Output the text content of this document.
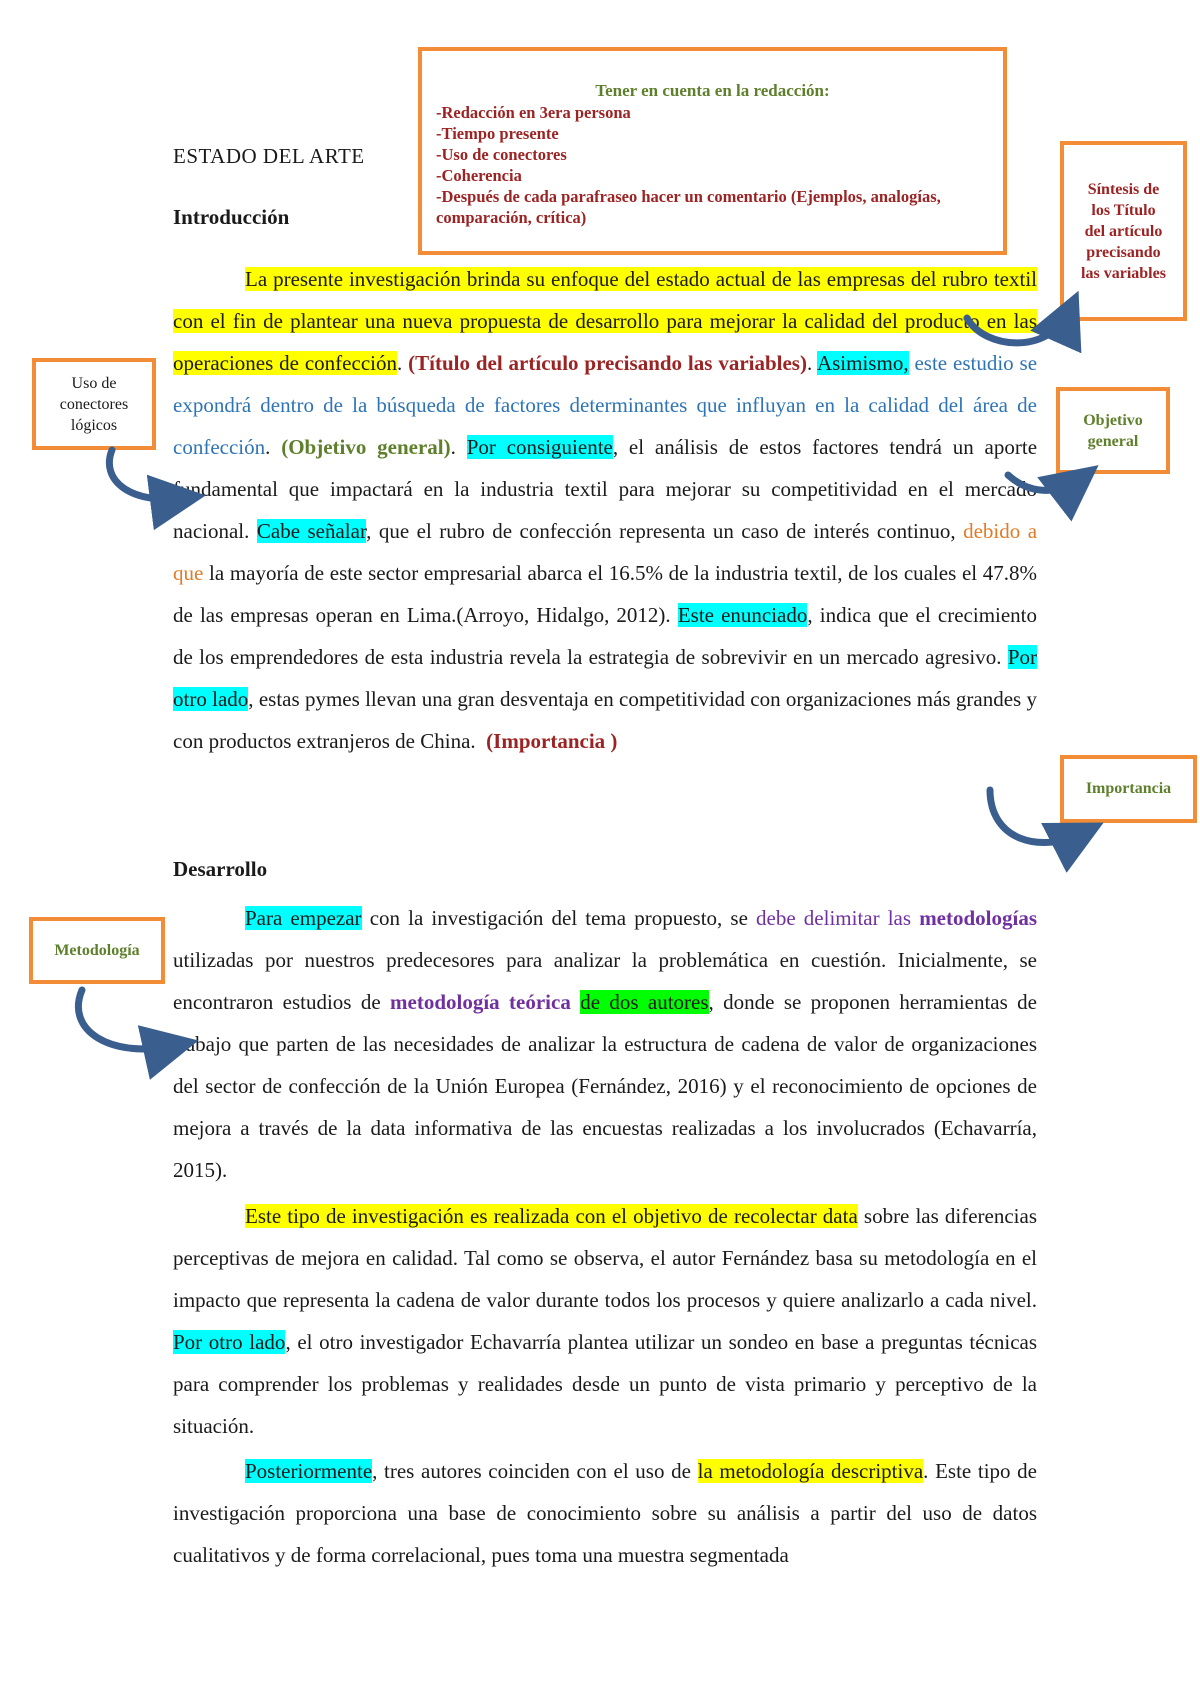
Tener en cuenta en la redacción:
-Redacción en 3era persona
-Tiempo presente
-Uso de conectores
-Coherencia
-Después de cada parafraseo hacer un comentario (Ejemplos, analogías, comparación, crítica)
Síntesis de
los Título
del artículo
precisando
las variables
Uso de
conectores
lógicos	Objetivo
general
Importancia
Metodología
ESTADO DEL ARTE
Introducción
Desarrollo

La presente investigación brinda su enfoque del estado actual de las empresas del rubro textil con el fin de plantear una nueva propuesta de desarrollo para mejorar la calidad del producto en las operaciones de confección. (Título del artículo precisando las variables). Asimismo, este estudio se expondrá dentro de la búsqueda de factores determinantes que influyan en la calidad del área de confección. (Objetivo general). Por consiguiente, el análisis de estos factores tendrá un aporte fundamental que impactará en la industria textil para mejorar su competitividad en el mercado nacional. Cabe señalar, que el rubro de confección representa un caso de interés continuo, debido a que la mayoría de este sector empresarial abarca el 16.5% de la industria textil, de los cuales el 47.8% de las empresas operan en Lima.(Arroyo, Hidalgo, 2012). Este enunciado, indica que el crecimiento de los emprendedores de esta industria revela la estrategia de sobrevivir en un mercado agresivo. Por otro lado, estas pymes llevan una gran desventaja en competitividad con organizaciones más grandes y con productos extranjeros de China. (Importancia )

Para empezar con la investigación del tema propuesto, se debe delimitar las metodologías utilizadas por nuestros predecesores para analizar la problemática en cuestión. Inicialmente, se encontraron estudios de metodología teórica de dos autores, donde se proponen herramientas de trabajo que parten de las necesidades de analizar la estructura de cadena de valor de organizaciones del sector de confección de la Unión Europea (Fernández, 2016) y el reconocimiento de opciones de mejora a través de la data informativa de las encuestas realizadas a los involucrados (Echavarría, 2015).

Este tipo de investigación es realizada con el objetivo de recolectar data sobre las diferencias perceptivas de mejora en calidad. Tal como se observa, el autor Fernández basa su metodología en el impacto que representa la cadena de valor durante todos los procesos y quiere analizarlo a cada nivel. Por otro lado, el otro investigador Echavarría plantea utilizar un sondeo en base a preguntas técnicas para comprender los problemas y realidades desde un punto de vista primario y perceptivo de la situación.

Posteriormente, tres autores coinciden con el uso de la metodología descriptiva. Este tipo de investigación proporciona una base de conocimiento sobre su análisis a partir del uso de datos cualitativos y de forma correlacional, pues toma una muestra segmentada
